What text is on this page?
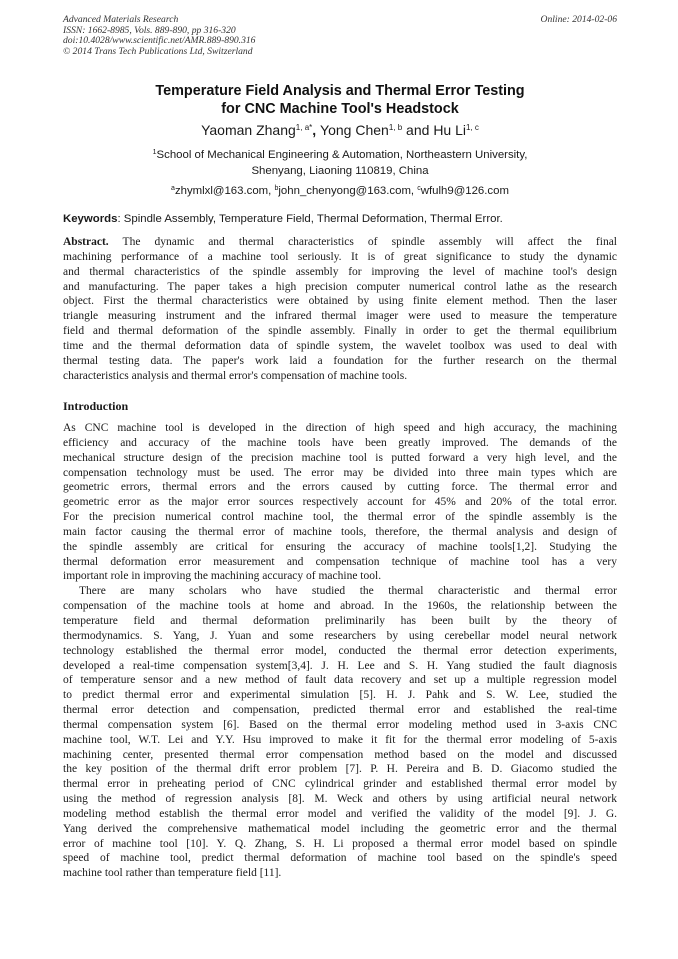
Advanced Materials Research
ISSN: 1662-8985, Vols. 889-890, pp 316-320
doi:10.4028/www.scientific.net/AMR.889-890.316
© 2014 Trans Tech Publications Ltd, Switzerland
Online: 2014-02-06
Temperature Field Analysis and Thermal Error Testing
for CNC Machine Tool's Headstock
Yaoman Zhang$^{1, a*}$, Yong Chen$^{1, b}$ and Hu Li$^{1, c}$
$^1$School of Mechanical Engineering & Automation, Northeastern University,
Shenyang, Liaoning 110819, China
$^a$zhymlxl@163.com, $^b$john_chenyong@163.com, $^c$wfulh9@126.com
Keywords: Spindle Assembly, Temperature Field, Thermal Deformation, Thermal Error.
Abstract. The dynamic and thermal characteristics of spindle assembly will affect the final
machining performance of a machine tool seriously. It is of great significance to study the dynamic
and thermal characteristics of the spindle assembly for improving the level of machine tool's design
and manufacturing. The paper takes a high precision computer numerical control lathe as the research
object. First the thermal characteristics were obtained by using finite element method. Then the laser
triangle measuring instrument and the infrared thermal imager were used to measure the temperature
field and thermal deformation of the spindle assembly. Finally in order to get the thermal equilibrium
time and the thermal deformation data of spindle system, the wavelet toolbox was used to deal with
thermal testing data. The paper's work laid a foundation for the further research on the thermal
characteristics analysis and thermal error's compensation of machine tools.
Introduction
As CNC machine tool is developed in the direction of high speed and high accuracy, the machining
efficiency and accuracy of the machine tools have been greatly improved. The demands of the
mechanical structure design of the precision machine tool is putted forward a very high level, and the
compensation technology must be used. The error may be divided into three main types which are
geometric errors, thermal errors and the errors caused by cutting force. The thermal error and
geometric error as the major error sources respectively account for 45% and 20% of the total error.
For the precision numerical control machine tool, the thermal error of the spindle assembly is the
main factor causing the thermal error of machine tools, therefore, the thermal analysis and design of
the spindle assembly are critical for ensuring the accuracy of machine tools[1,2]. Studying the
thermal deformation error measurement and compensation technique of machine tool has a very
important role in improving the machining accuracy of machine tool.
There are many scholars who have studied the thermal characteristic and thermal error
compensation of the machine tools at home and abroad. In the 1960s, the relationship between the
temperature field and thermal deformation preliminarily has been built by the theory of
thermodynamics. S. Yang, J. Yuan and some researchers by using cerebellar model neural network
technology established the thermal error model, conducted the thermal error detection experiments,
developed a real-time compensation system[3,4]. J. H. Lee and S. H. Yang studied the fault diagnosis
of temperature sensor and a new method of fault data recovery and set up a multiple regression model
to predict thermal error and experimental simulation [5]. H. J. Pahk and S. W. Lee, studied the
thermal error detection and compensation, predicted thermal error and established the real-time
thermal compensation system [6]. Based on the thermal error modeling method used in 3-axis CNC
machine tool, W.T. Lei and Y.Y. Hsu improved to make it fit for the thermal error modeling of 5-axis
machining center, presented thermal error compensation method based on the model and discussed
the key position of the thermal drift error problem [7]. P. H. Pereira and B. D. Giacomo studied the
thermal error in preheating period of CNC cylindrical grinder and established thermal error model by
using the method of regression analysis [8]. M. Weck and others by using artificial neural network
modeling method establish the thermal error model and verified the validity of the model [9]. J. G.
Yang derived the comprehensive mathematical model including the geometric error and the thermal
error of machine tool [10]. Y. Q. Zhang, S. H. Li proposed a thermal error model based on spindle
speed of machine tool, predict thermal deformation of machine tool based on the spindle's speed
machine tool rather than temperature field [11].
